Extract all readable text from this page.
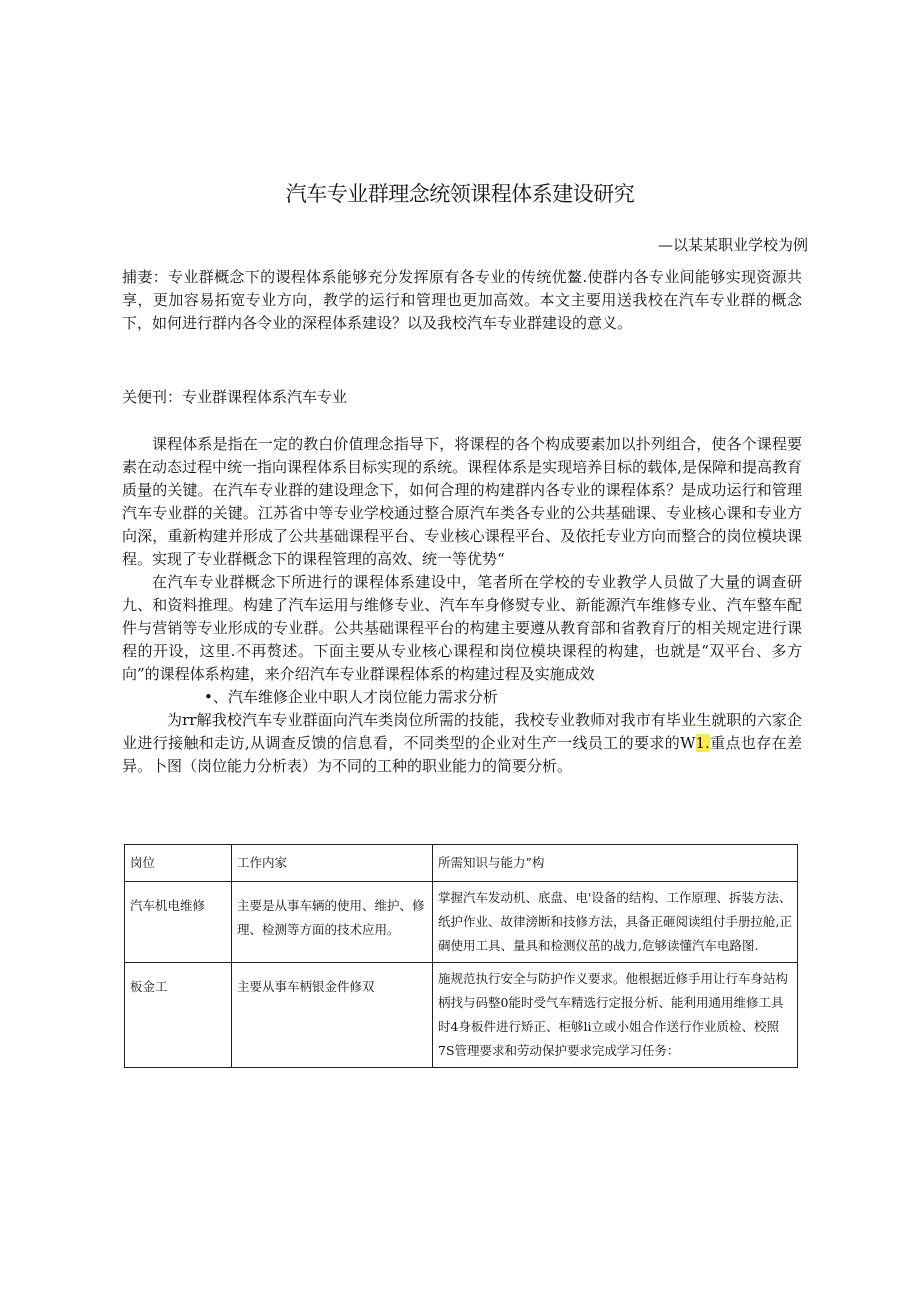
汽车专业群理念统领课程体系建设研究
—以某某职业学校为例

捕妻：专业群概念下的谡程体系能够充分发挥原有各专业的传统优鳌.使群内各专业间能够实现资源共享，更加容易拓宽专业方向，教学的运行和管理也更加高效。本文主要用送我校在汽车专业群的概念下，如何进行群内各令业的深程体系建设？以及我校汽车专业群建设的意义。

关便刊：专业群课程体系汽车专业

课程体系是指在一定的教白价值理念指导下，将课程的各个构成要素加以扑列组合，使各个课程要素在动态过程中统一指向课程体系目标实现的系统。课程体系是实现培养目标的载体,是保障和提高教育质量的关键。在汽车专业群的建设理念下，如何合理的构建群内各专业的课程体系？是成功运行和管理汽车专业群的关键。江苏省中等专业学校通过整合原汽车类各专业的公共基础课、专业核心课和专业方向深，重新构建并形成了公共基础课程平台、专业核心课程平台、及依托专业方向而整合的岗位模块课程。实现了专业群概念下的课程管理的高效、统一等优势“

在汽车专业群概念下所进行的课程体系建设中，笔者所在学校的专业教学人员做了大量的调查研九、和资料推理。构建了汽车运用与维修专业、汽车车身修熨专业、新能源汽车维修专业、汽车整车配件与营销等专业形成的专业群。公共基础课程平台的构建主要遵从教育部和省教育厅的相关规定进行课程的开设，这里.不再赘述。下面主要从专业核心课程和岗位模块课程的构建，也就是“双平台、多方向”的课程体系构建，来介绍汽车专业群课程体系的构建过程及实施成效

•、汽车维修企业中职人才岗位能力需求分析

为rr解我校汽车专业群面向汽车类岗位所需的技能，我校专业教师对我市有毕业生就职的六家企业进行接触和走访,从调查反馈的信息看，不同类型的企业对生产一线员工的要求的W1.重点也存在差异。卜图（岗位能力分析表）为不同的工种的职业能力的简要分析。

岗位	工作内家	所需知识与能力”构
汽车机电维修	主要是从事车辆的使用、维护、修理、检测等方面的技术应用。	掌握汽车发动机、底盘、电'设备的结构、工作原理、拆装方法、纸护作业、故律滂断和技修方法，具备正砸阅读组付手册拉舱,正碉使用工具、量具和检测仪茁的战力,危够读懂汽车电路图.
板金工	主要从事车柄银金件修双	施规范执行安全与防护作义要求。他根据近修手用让行车身站构柄找与码整0能时受气车精选行定报分析、能利用通用维修工具时4身板件进行矫正、柜够li立或小姐合作送行作业质检、校照7S管理要求和劳动保护要求完成学习任务：
